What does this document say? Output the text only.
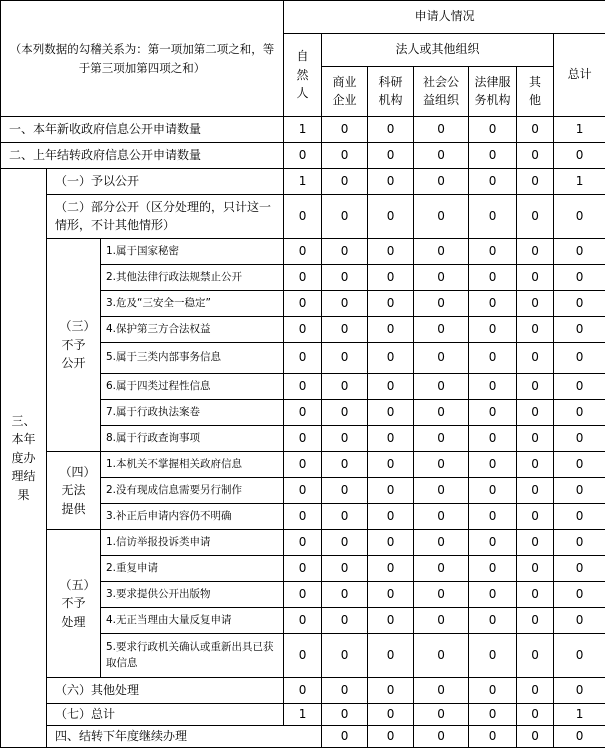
（本列数据的勾稽关系为：第一项加第二项之和，等于第三项加第四项之和）			申请人情况							

			自然人	法人或其他组织					总计	

				商业企业	科研机构	社会公益组织	法律服务机构	其他		

一、本年新收政府信息公开申请数量			1	0	0	0	0	0	1	
二、上年结转政府信息公开申请数量			0	0	0	0	0	0	0	

三、本年度办理结果	（一）予以公开		1	0	0	0	0	0	1	
	（二）部分公开（区分处理的，只计这一情形，不计其他情形）		0	0	0	0	0	0	0	

	（三）不予公开	1.属于国家秘密	0	0	0	0	0	0	0	
		2.其他法律行政法规禁止公开	0	0	0	0	0	0	0	
		3.危及“三安全一稳定”	0	0	0	0	0	0	0	
		4.保护第三方合法权益	0	0	0	0	0	0	0	
		5.属于三类内部事务信息	0	0	0	0	0	0	0	
		6.属于四类过程性信息	0	0	0	0	0	0	0	
		7.属于行政执法案卷	0	0	0	0	0	0	0	
		8.属于行政查询事项	0	0	0	0	0	0	0	

	（四）无法提供	1.本机关不掌握相关政府信息	0	0	0	0	0	0	0	
		2.没有现成信息需要另行制作	0	0	0	0	0	0	0	
		3.补正后申请内容仍不明确	0	0	0	0	0	0	0	

	（五）不予处理	1.信访举报投诉类申请	0	0	0	0	0	0	0	
		2.重复申请	0	0	0	0	0	0	0	
		3.要求提供公开出版物	0	0	0	0	0	0	0	
		4.无正当理由大量反复申请	0	0	0	0	0	0	0	
		5.要求行政机关确认或重新出具已获取信息	0	0	0	0	0	0	0	
	（六）其他处理		0	0	0	0	0	0	0	
	（七）总计		1	0	0	0	0	0	1	
	四、结转下年度继续办理			0	0	0	0	0	0	
